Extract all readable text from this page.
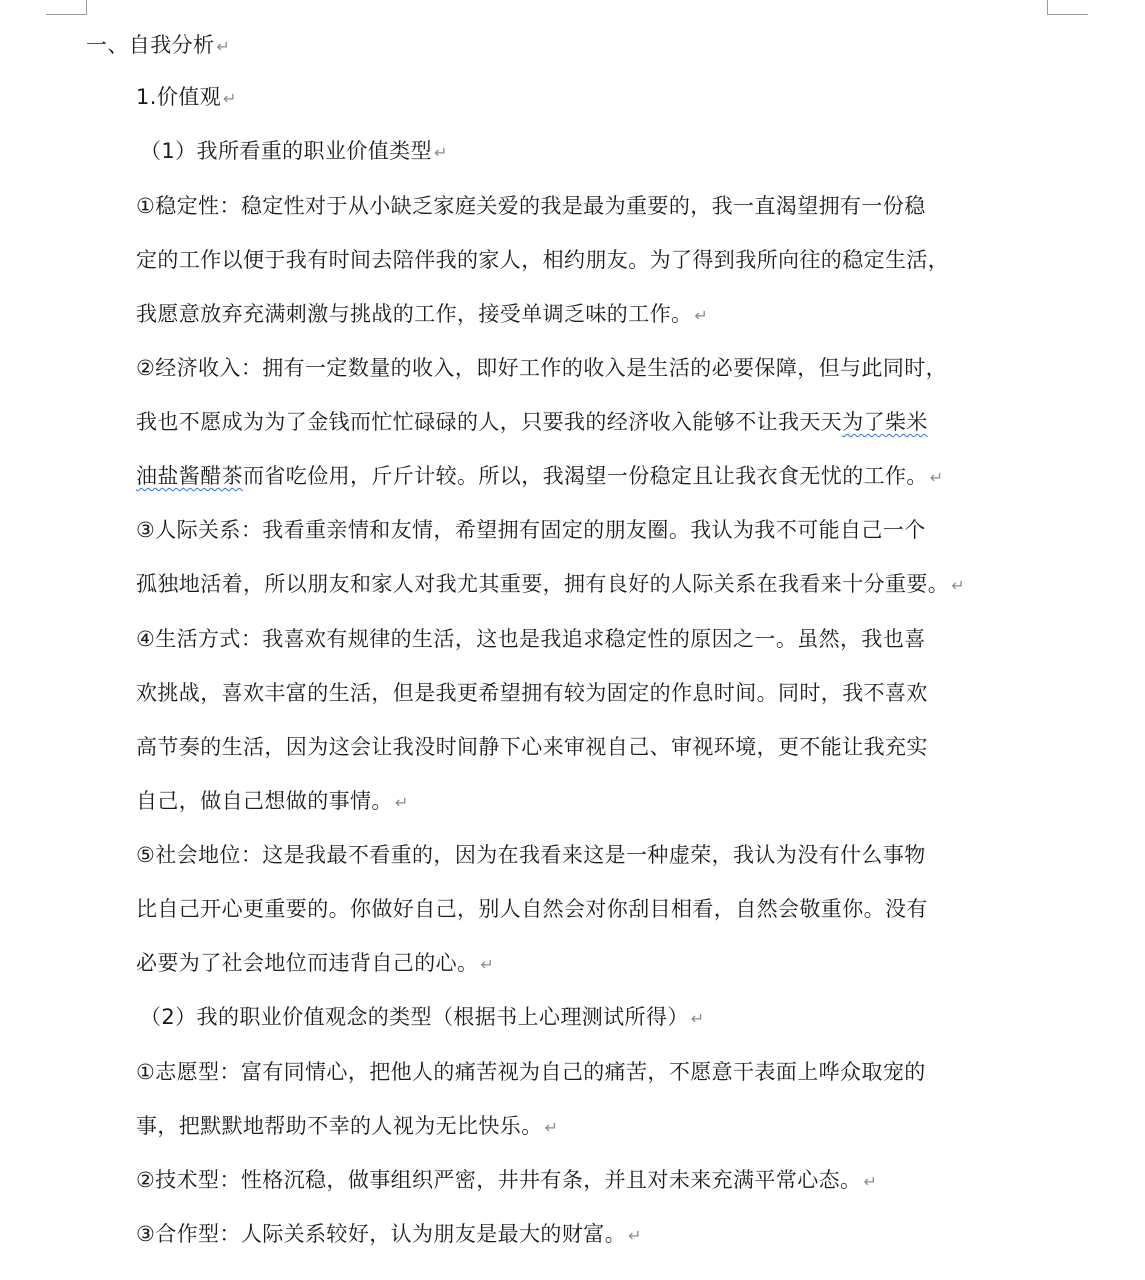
一、自我分析 ↵
1.价值观 ↵
（1）我所看重的职业价值类型 ↵
①稳定性：稳定性对于从小缺乏家庭关爱的我是最为重要的，我一直渴望拥有一份稳
定的工作以便于我有时间去陪伴我的家人，相约朋友。为了得到我所向往的稳定生活，
我愿意放弃充满刺激与挑战的工作，接受单调乏味的工作。 ↵
②经济收入：拥有一定数量的收入，即好工作的收入是生活的必要保障，但与此同时，
我也不愿成为为了金钱而忙忙碌碌的人，只要我的经济收入能够不让我天天为了柴米
油盐酱醋茶而省吃俭用，斤斤计较。所以，我渴望一份稳定且让我衣食无忧的工作。 ↵
③人际关系：我看重亲情和友情，希望拥有固定的朋友圈。我认为我不可能自己一个
孤独地活着，所以朋友和家人对我尤其重要，拥有良好的人际关系在我看来十分重要。 ↵
④生活方式：我喜欢有规律的生活，这也是我追求稳定性的原因之一。虽然，我也喜
欢挑战，喜欢丰富的生活，但是我更希望拥有较为固定的作息时间。同时，我不喜欢
高节奏的生活，因为这会让我没时间静下心来审视自己、审视环境，更不能让我充实
自己，做自己想做的事情。 ↵
⑤社会地位：这是我最不看重的，因为在我看来这是一种虚荣，我认为没有什么事物
比自己开心更重要的。你做好自己，别人自然会对你刮目相看，自然会敬重你。没有
必要为了社会地位而违背自己的心。 ↵
（2）我的职业价值观念的类型（根据书上心理测试所得） ↵
①志愿型：富有同情心，把他人的痛苦视为自己的痛苦，不愿意干表面上哗众取宠的
事，把默默地帮助不幸的人视为无比快乐。 ↵
②技术型：性格沉稳，做事组织严密，井井有条，并且对未来充满平常心态。 ↵
③合作型：人际关系较好，认为朋友是最大的财富。 ↵
